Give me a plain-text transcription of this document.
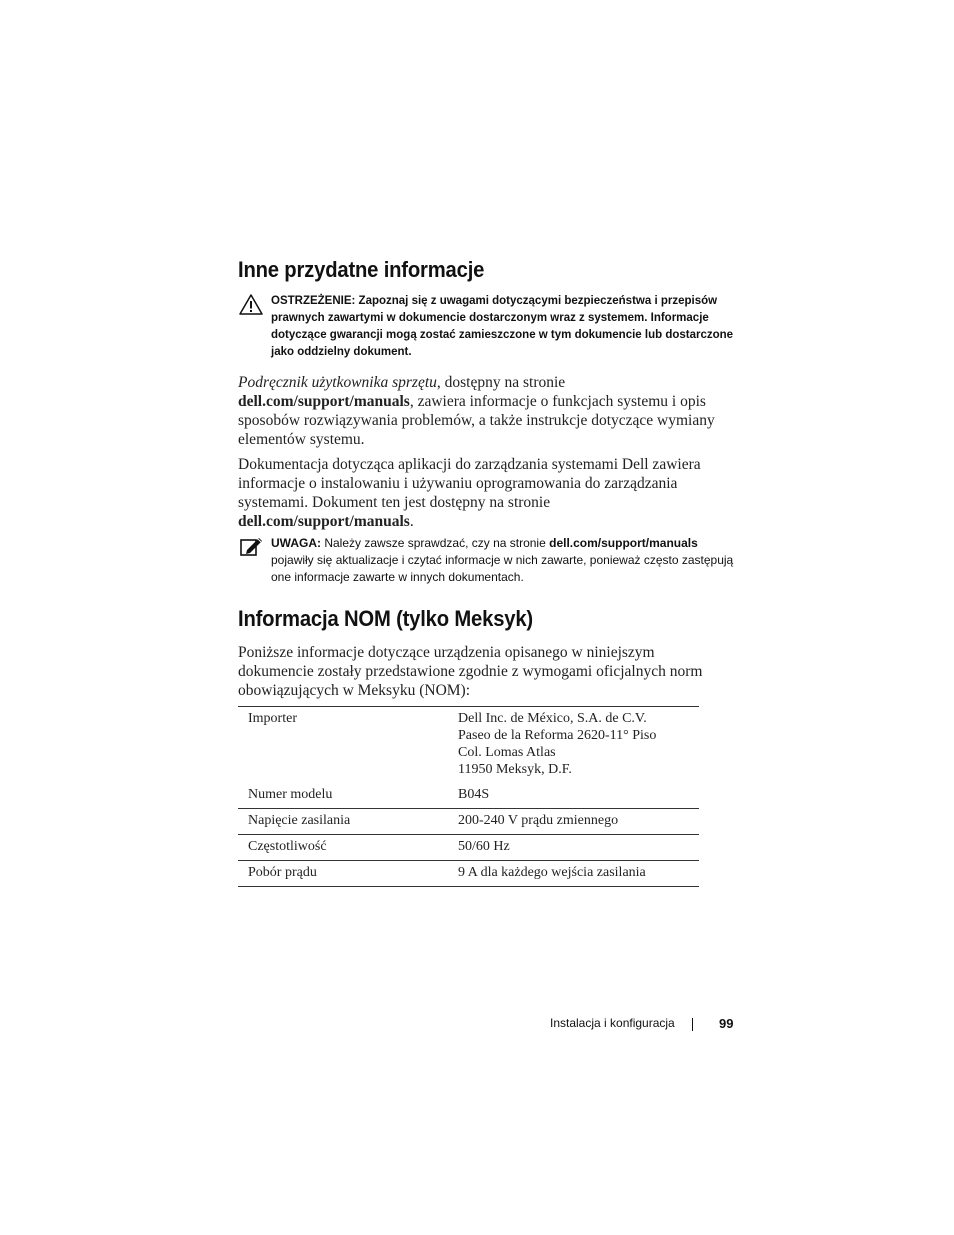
Inne przydatne informacje
OSTRZEŻENIE: Zapoznaj się z uwagami dotyczącymi bezpieczeństwa i przepisów prawnych zawartymi w dokumencie dostarczonym wraz z systemem. Informacje dotyczące gwarancji mogą zostać zamieszczone w tym dokumencie lub dostarczone jako oddzielny dokument.

Podręcznik użytkownika sprzętu, dostępny na stronie
dell.com/support/manuals, zawiera informacje o funkcjach systemu i opis sposobów rozwiązywania problemów, a także instrukcje dotyczące wymiany elementów systemu.

Dokumentacja dotycząca aplikacji do zarządzania systemami Dell zawiera informacje o instalowaniu i używaniu oprogramowania do zarządzania systemami. Dokument ten jest dostępny na stronie
dell.com/support/manuals.

UWAGA: Należy zawsze sprawdzać, czy na stronie dell.com/support/manuals pojawiły się aktualizacje i czytać informacje w nich zawarte, ponieważ często zastępują one informacje zawarte w innych dokumentach.
Informacja NOM (tylko Meksyk)

Poniższe informacje dotyczące urządzenia opisanego w niniejszym dokumencie zostały przedstawione zgodnie z wymogami oficjalnych norm obowiązujących w Meksyku (NOM):

Importer	Dell Inc. de México, S.A. de C.V.
Paseo de la Reforma 2620-11° Piso
Col. Lomas Atlas
11950 Meksyk, D.F.
Numer modelu	B04S
Napięcie zasilania	200-240 V prądu zmiennego
Częstotliwość	50/60 Hz
Pobór prądu	9 A dla każdego wejścia zasilania
Instalacja i konfiguracja	99
